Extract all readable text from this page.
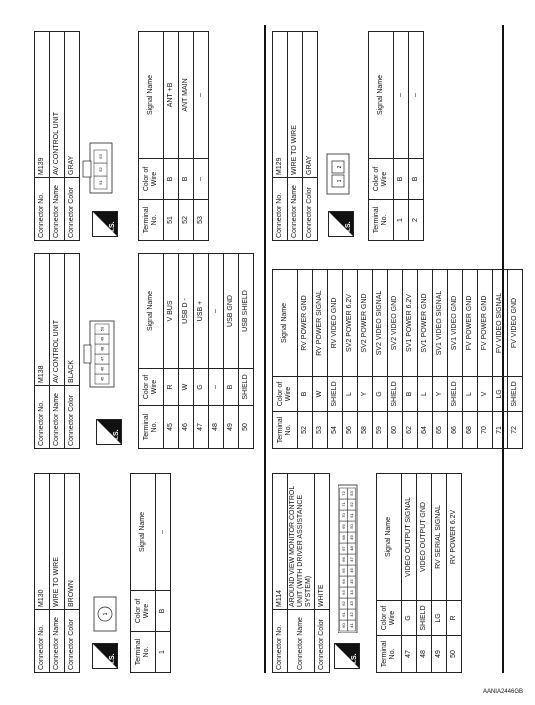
Connector No.	M114
Connector Name	AROUND VIEW MONITOR CONTROL UNIT (WITH DRIVER ASSISTANCE SYSTEM)
Connector Color	WHITE
H.S.
60
61
62
63
64
65
66
67
68
69
70
71
72
41
42
43
44
45
46
47
48
49
50
51
52
53
Terminal No.	Color of Wire	Signal Name
47	G	VIDEO OUTPUT SIGNAL
48	SHIELD	VIDEO OUTPUT GND
49	LG	RV SERIAL SIGNAL
50	R	RV POWER 6.2V
Terminal No.	Color of Wire	Signal Name
52	B	RV POWER GND
53	W	RV POWER SIGNAL
54	SHIELD	RV VIDEO GND
56	L	SV2 POWER 6.2V
58	Y	SV2 POWER GND
59	G	SV2 VIDEO SIGNAL
60	SHIELD	SV2 VIDEO GND
62	B	SV1 POWER 6.2V
64	L	SV1 POWER GND
65	Y	SV1 VIDEO SIGNAL
66	SHIELD	SV1 VIDEO GND
68	L	FV POWER GND
70	V	FV POWER GND
71	LG	FV VIDEO SIGNAL
72	SHIELD	FV VIDEO GND
Connector No.	M129
Connector Name	WIRE TO WIRE
Connector Color	GRAY
H.S.
1
2
Terminal No.	Color of Wire	Signal Name
1	B	–
2	B	–
Connector No.	M130
Connector Name	WIRE TO WIRE
Connector Color	BROWN
H.S.
1
Terminal No.	Color of Wire	Signal Name
1	B	–
Connector No.	M138
Connector Name	AV CONTROL UNIT
Connector Color	BLACK
H.S.
45
46
47
48
49
50
Terminal No.	Color of Wire	Signal Name
45	R	V BUS
46	W	USB D -
47	G	USB +
48	–	–
49	B	USB GND
50	SHIELD	USB SHIELD
Connector No.	M139
Connector Name	AV CONTROL UNIT
Connector Color	GRAY
H.S.
51
52
53
Terminal No.	Color of Wire	Signal Name
51	B	ANT +B
52	B	ANT MAIN
53	–	–
AANIA2446GB
